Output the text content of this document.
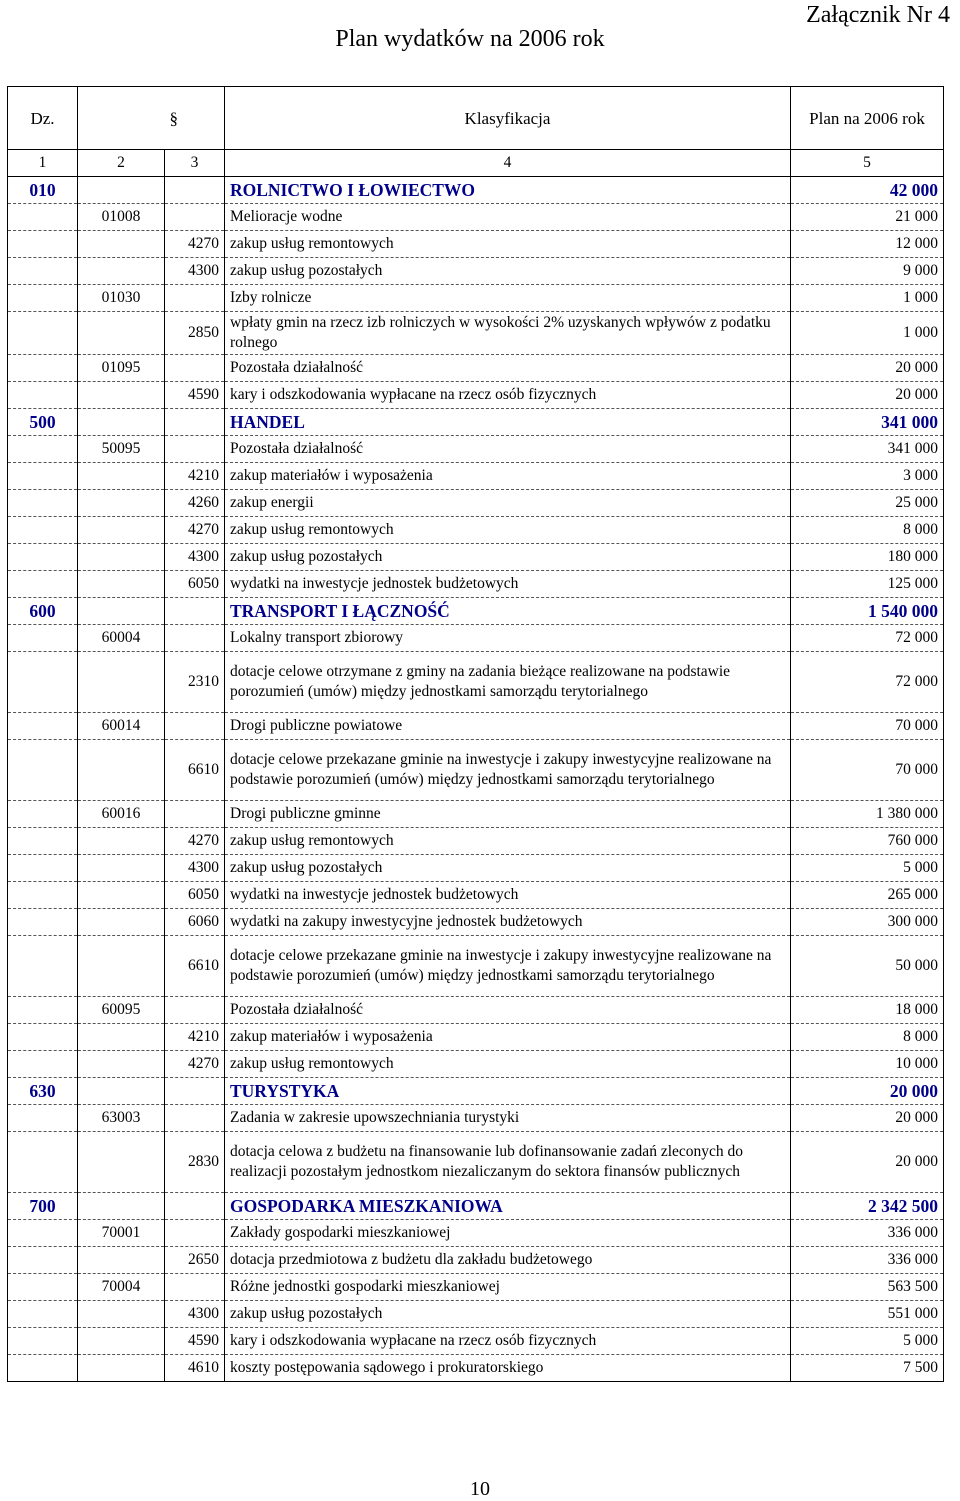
Załącznik Nr 4
Plan wydatków na 2006 rok
Dz.		§	Klasyfikacja	Plan na 2006 rok
1	2	3	4	5
010			ROLNICTWO I ŁOWIECTWO	42 000
	01008		Melioracje wodne	21 000
		4270	zakup usług remontowych	12 000
		4300	zakup usług pozostałych	9 000
	01030		Izby rolnicze	1 000
		2850	wpłaty gmin na rzecz izb rolniczych w wysokości 2% uzyskanych wpływów z podatku rolnego	1 000
	01095		Pozostała działalność	20 000
		4590	kary i odszkodowania wypłacane na rzecz osób fizycznych	20 000
500			HANDEL	341 000
	50095		Pozostała działalność	341 000
		4210	zakup materiałów i wyposażenia	3 000
		4260	zakup energii	25 000
		4270	zakup usług remontowych	8 000
		4300	zakup usług pozostałych	180 000
		6050	wydatki na inwestycje jednostek budżetowych	125 000
600			TRANSPORT I ŁĄCZNOŚĆ	1 540 000
	60004		Lokalny transport zbiorowy	72 000
		2310	dotacje celowe otrzymane z gminy na zadania bieżące realizowane na podstawie porozumień (umów) między jednostkami samorządu terytorialnego	72 000
	60014		Drogi publiczne powiatowe	70 000
		6610	dotacje celowe przekazane gminie na inwestycje i zakupy inwestycyjne realizowane na podstawie porozumień (umów) między jednostkami samorządu terytorialnego	70 000
	60016		Drogi publiczne gminne	1 380 000
		4270	zakup usług remontowych	760 000
		4300	zakup usług pozostałych	5 000
		6050	wydatki na inwestycje jednostek budżetowych	265 000
		6060	wydatki na zakupy inwestycyjne jednostek budżetowych	300 000
		6610	dotacje celowe przekazane gminie na inwestycje i zakupy inwestycyjne realizowane na podstawie porozumień (umów) między jednostkami samorządu terytorialnego	50 000
	60095		Pozostała działalność	18 000
		4210	zakup materiałów i wyposażenia	8 000
		4270	zakup usług remontowych	10 000
630			TURYSTYKA	20 000
	63003		Zadania w zakresie upowszechniania turystyki	20 000
		2830	dotacja celowa z budżetu na finansowanie lub dofinansowanie zadań zleconych do realizacji pozostałym jednostkom niezaliczanym do sektora finansów publicznych	20 000
700			GOSPODARKA MIESZKANIOWA	2 342 500
	70001		Zakłady gospodarki mieszkaniowej	336 000
		2650	dotacja przedmiotowa z budżetu dla zakładu budżetowego	336 000
	70004		Różne jednostki gospodarki mieszkaniowej	563 500
		4300	zakup usług pozostałych	551 000
		4590	kary i odszkodowania wypłacane na rzecz osób fizycznych	5 000
		4610	koszty postępowania sądowego i prokuratorskiego	7 500
10
